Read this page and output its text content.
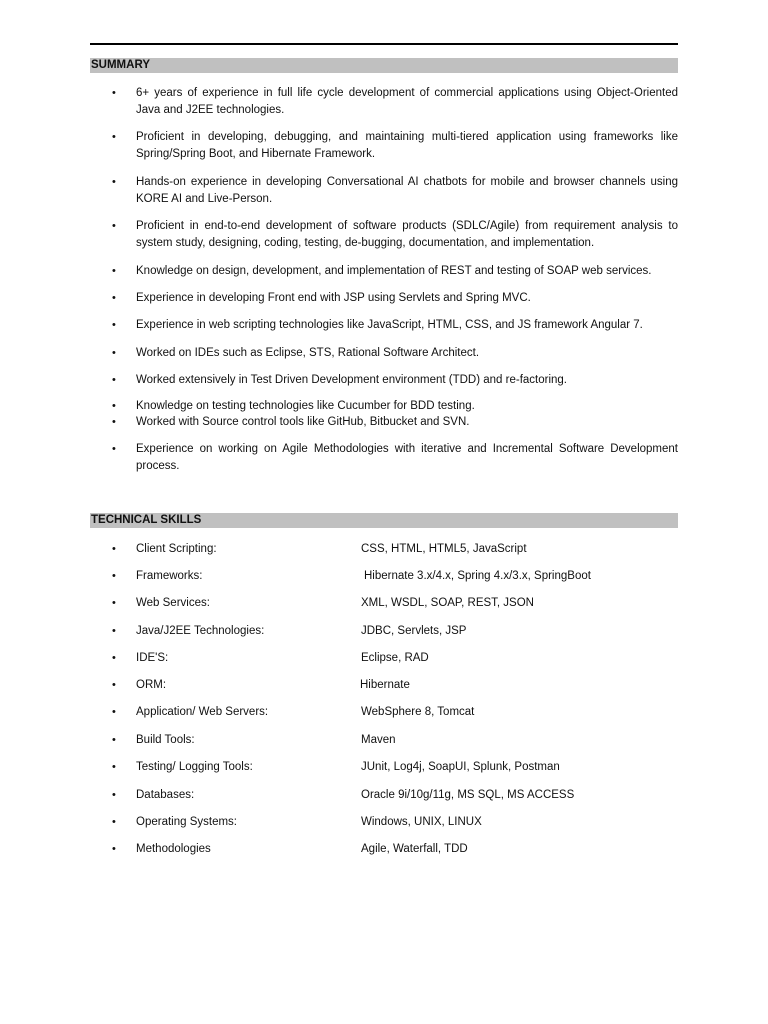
SUMMARY
•	6+ years of experience in full life cycle development of commercial applications using Object-Oriented Java and J2EE technologies.
•	Proficient in developing, debugging, and maintaining multi-tiered application using frameworks like Spring/Spring Boot, and Hibernate Framework.
•	Hands-on experience in developing Conversational AI chatbots for mobile and browser channels using KORE AI and Live-Person.
•	Proficient in end-to-end development of software products (SDLC/Agile) from requirement analysis to system study, designing, coding, testing, de-bugging, documentation, and implementation.
•	Knowledge on design, development, and implementation of REST and testing of SOAP web services.
•	Experience in developing Front end with JSP using Servlets and Spring MVC.
•	Experience in web scripting technologies like JavaScript, HTML, CSS, and JS framework Angular 7.
•	Worked on IDEs such as Eclipse, STS, Rational Software Architect.
•	Worked extensively in Test Driven Development environment (TDD) and re-factoring.
•	Knowledge on testing technologies like Cucumber for BDD testing.
•	Worked with Source control tools like GitHub, Bitbucket and SVN.
•	Experience on working on Agile Methodologies with iterative and Incremental Software Development process.
TECHNICAL SKILLS
•	Client Scripting:	CSS, HTML, HTML5, JavaScript
•	Frameworks:	Hibernate 3.x/4.x, Spring 4.x/3.x, SpringBoot
•	Web Services:	XML, WSDL, SOAP, REST, JSON
•	Java/J2EE Technologies:	JDBC, Servlets, JSP
•	IDE'S:	Eclipse, RAD
•	ORM:	Hibernate
•	Application/ Web Servers:	WebSphere 8, Tomcat
•	Build Tools:	Maven
•	Testing/ Logging Tools:	JUnit, Log4j, SoapUI, Splunk, Postman
•	Databases:	Oracle 9i/10g/11g, MS SQL, MS ACCESS
•	Operating Systems:	Windows, UNIX, LINUX
•	Methodologies	Agile, Waterfall, TDD
